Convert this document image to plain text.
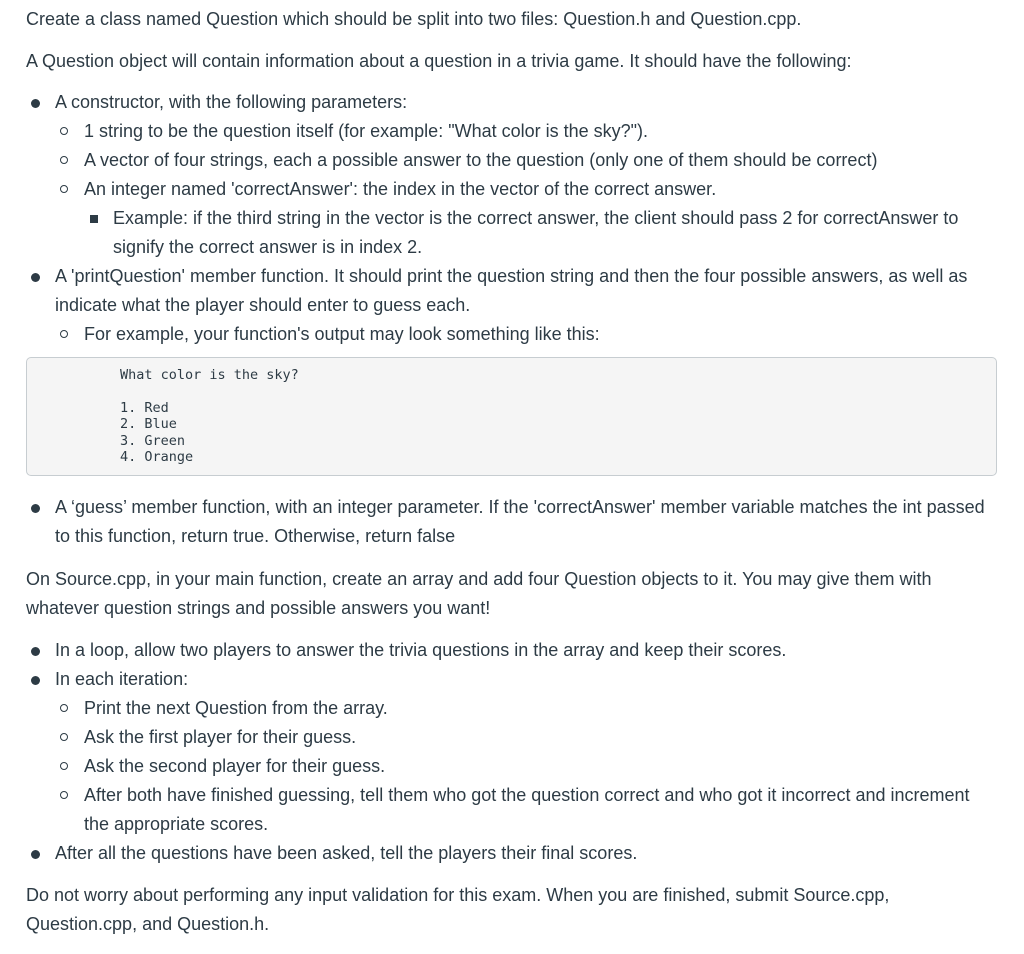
Create a class named Question which should be split into two files: Question.h and Question.cpp.

A Question object will contain information about a question in a trivia game. It should have the following:

A constructor, with the following parameters:
1 string to be the question itself (for example: "What color is the sky?").
A vector of four strings, each a possible answer to the question (only one of them should be correct)
An integer named 'correctAnswer': the index in the vector of the correct answer.
Example: if the third string in the vector is the correct answer, the client should pass 2 for correctAnswer to signify the correct answer is in index 2.
A 'printQuestion' member function. It should print the question string and then the four possible answers, as well as indicate what the player should enter to guess each.
For example, your function's output may look something like this:
What color is the sky?
1. Red
2. Blue
3. Green
4. Orange
A ‘guess’ member function, with an integer parameter. If the 'correctAnswer' member variable matches the int passed to this function, return true. Otherwise, return false

On Source.cpp, in your main function, create an array and add four Question objects to it. You may give them with whatever question strings and possible answers you want!

In a loop, allow two players to answer the trivia questions in the array and keep their scores.
In each iteration:
Print the next Question from the array.
Ask the first player for their guess.
Ask the second player for their guess.
After both have finished guessing, tell them who got the question correct and who got it incorrect and increment the appropriate scores.
After all the questions have been asked, tell the players their final scores.

Do not worry about performing any input validation for this exam. When you are finished, submit Source.cpp, Question.cpp, and Question.h.
